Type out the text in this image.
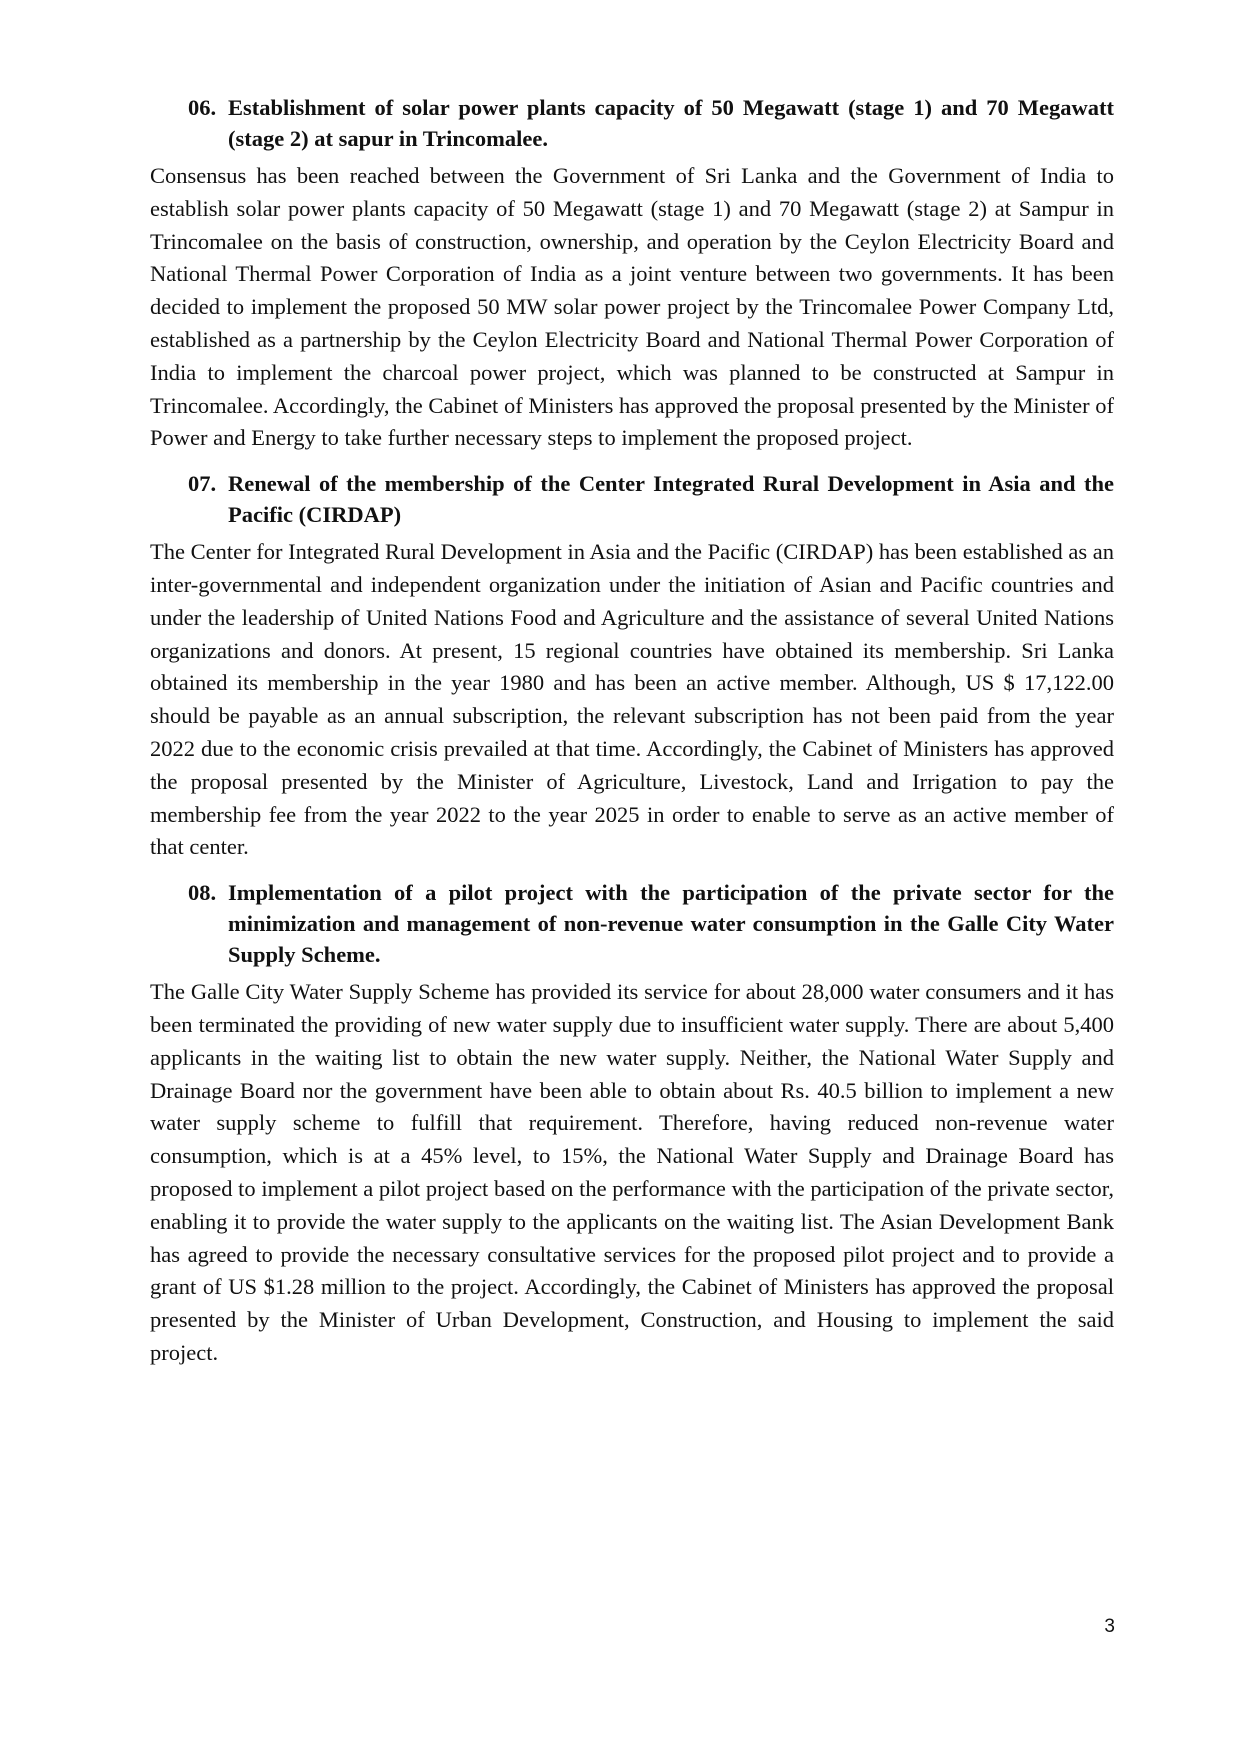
06. Establishment of solar power plants capacity of 50 Megawatt (stage 1) and 70 Megawatt (stage 2) at sapur in Trincomalee.

Consensus has been reached between the Government of Sri Lanka and the Government of India to establish solar power plants capacity of 50 Megawatt (stage 1) and 70 Megawatt (stage 2) at Sampur in Trincomalee on the basis of construction, ownership, and operation by the Ceylon Electricity Board and National Thermal Power Corporation of India as a joint venture between two governments. It has been decided to implement the proposed 50 MW solar power project by the Trincomalee Power Company Ltd, established as a partnership by the Ceylon Electricity Board and National Thermal Power Corporation of India to implement the charcoal power project, which was planned to be constructed at Sampur in Trincomalee. Accordingly, the Cabinet of Ministers has approved the proposal presented by the Minister of Power and Energy to take further necessary steps to implement the proposed project.

07. Renewal of the membership of the Center Integrated Rural Development in Asia and the Pacific (CIRDAP)

The Center for Integrated Rural Development in Asia and the Pacific (CIRDAP) has been established as an inter-governmental and independent organization under the initiation of Asian and Pacific countries and under the leadership of United Nations Food and Agriculture and the assistance of several United Nations organizations and donors. At present, 15 regional countries have obtained its membership. Sri Lanka obtained its membership in the year 1980 and has been an active member. Although, US $ 17,122.00 should be payable as an annual subscription, the relevant subscription has not been paid from the year 2022 due to the economic crisis prevailed at that time. Accordingly, the Cabinet of Ministers has approved the proposal presented by the Minister of Agriculture, Livestock, Land and Irrigation to pay the membership fee from the year 2022 to the year 2025 in order to enable to serve as an active member of that center.

08. Implementation of a pilot project with the participation of the private sector for the minimization and management of non-revenue water consumption in the Galle City Water Supply Scheme.

The Galle City Water Supply Scheme has provided its service for about 28,000 water consumers and it has been terminated the providing of new water supply due to insufficient water supply. There are about 5,400 applicants in the waiting list to obtain the new water supply. Neither, the National Water Supply and Drainage Board nor the government have been able to obtain about Rs. 40.5 billion to implement a new water supply scheme to fulfill that requirement. Therefore, having reduced non-revenue water consumption, which is at a 45% level, to 15%, the National Water Supply and Drainage Board has proposed to implement a pilot project based on the performance with the participation of the private sector, enabling it to provide the water supply to the applicants on the waiting list. The Asian Development Bank has agreed to provide the necessary consultative services for the proposed pilot project and to provide a grant of US $1.28 million to the project. Accordingly, the Cabinet of Ministers has approved the proposal presented by the Minister of Urban Development, Construction, and Housing to implement the said project.

3
